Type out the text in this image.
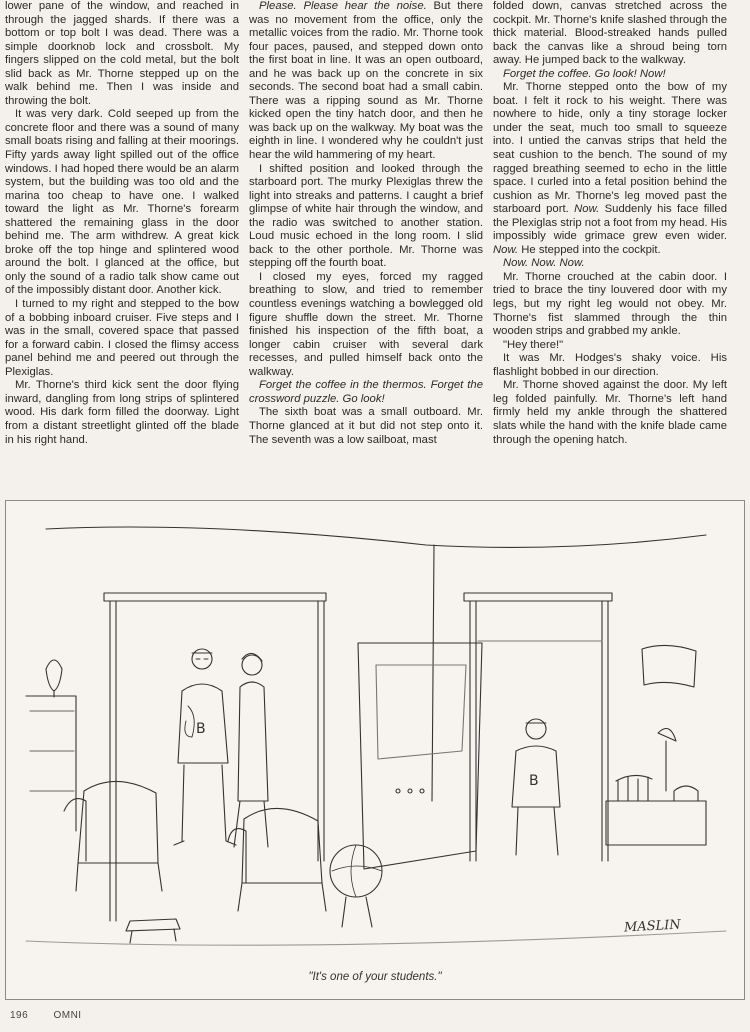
lower pane of the window, and reached in through the jagged shards. If there was a bottom or top bolt I was dead. There was a simple doorknob lock and crossbolt. My fingers slipped on the cold metal, but the bolt slid back as Mr. Thorne stepped up on the walk behind me. Then I was inside and throwing the bolt.

It was very dark. Cold seeped up from the concrete floor and there was a sound of many small boats rising and falling at their moorings. Fifty yards away light spilled out of the office windows. I had hoped there would be an alarm system, but the building was too old and the marina too cheap to have one. I walked toward the light as Mr. Thorne's forearm shattered the remaining glass in the door behind me. The arm withdrew. A great kick broke off the top hinge and splintered wood around the bolt. I glanced at the office, but only the sound of a radio talk show came out of the impossibly distant door. Another kick.

I turned to my right and stepped to the bow of a bobbing inboard cruiser. Five steps and I was in the small, covered space that passed for a forward cabin. I closed the flimsy access panel behind me and peered out through the Plexiglas.

Mr. Thorne's third kick sent the door flying inward, dangling from long strips of splintered wood. His dark form filled the doorway. Light from a distant streetlight glinted off the blade in his right hand.

Please. Please hear the noise. But there was no movement from the office, only the metallic voices from the radio. Mr. Thorne took four paces, paused, and stepped down onto the first boat in line. It was an open outboard, and he was back up on the concrete in six seconds. The second boat had a small cabin. There was a ripping sound as Mr. Thorne kicked open the tiny hatch door, and then he was back up on the walkway. My boat was the eighth in line. I wondered why he couldn't just hear the wild hammering of my heart.

I shifted position and looked through the starboard port. The murky Plexiglas threw the light into streaks and patterns. I caught a brief glimpse of white hair through the window, and the radio was switched to another station. Loud music echoed in the long room. I slid back to the other porthole. Mr. Thorne was stepping off the fourth boat.

I closed my eyes, forced my ragged breathing to slow, and tried to remember countless evenings watching a bowlegged old figure shuffle down the street. Mr. Thorne finished his inspection of the fifth boat, a longer cabin cruiser with several dark recesses, and pulled himself back onto the walkway.

Forget the coffee in the thermos. Forget the crossword puzzle. Go look!

The sixth boat was a small outboard. Mr. Thorne glanced at it but did not step onto it. The seventh was a low sailboat, mast

folded down, canvas stretched across the cockpit. Mr. Thorne's knife slashed through the thick material. Blood-streaked hands pulled back the canvas like a shroud being torn away. He jumped back to the walkway.

Forget the coffee. Go look! Now!

Mr. Thorne stepped onto the bow of my boat. I felt it rock to his weight. There was nowhere to hide, only a tiny storage locker under the seat, much too small to squeeze into. I untied the canvas strips that held the seat cushion to the bench. The sound of my ragged breathing seemed to echo in the little space. I curled into a fetal position behind the cushion as Mr. Thorne's leg moved past the starboard port. Now. Suddenly his face filled the Plexiglas strip not a foot from my head. His impossibly wide grimace grew even wider. Now. He stepped into the cockpit.

Now. Now. Now.

Mr. Thorne crouched at the cabin door. I tried to brace the tiny louvered door with my legs, but my right leg would not obey. Mr. Thorne's fist slammed through the thin wooden strips and grabbed my ankle.

"Hey there!"

It was Mr. Hodges's shaky voice. His flashlight bobbed in our direction.

Mr. Thorne shoved against the door. My left leg folded painfully. Mr. Thorne's left hand firmly held my ankle through the shattered slats while the hand with the knife blade came through the opening hatch.

B
B
MASLIN
"It's one of your students."
196	OMNI
